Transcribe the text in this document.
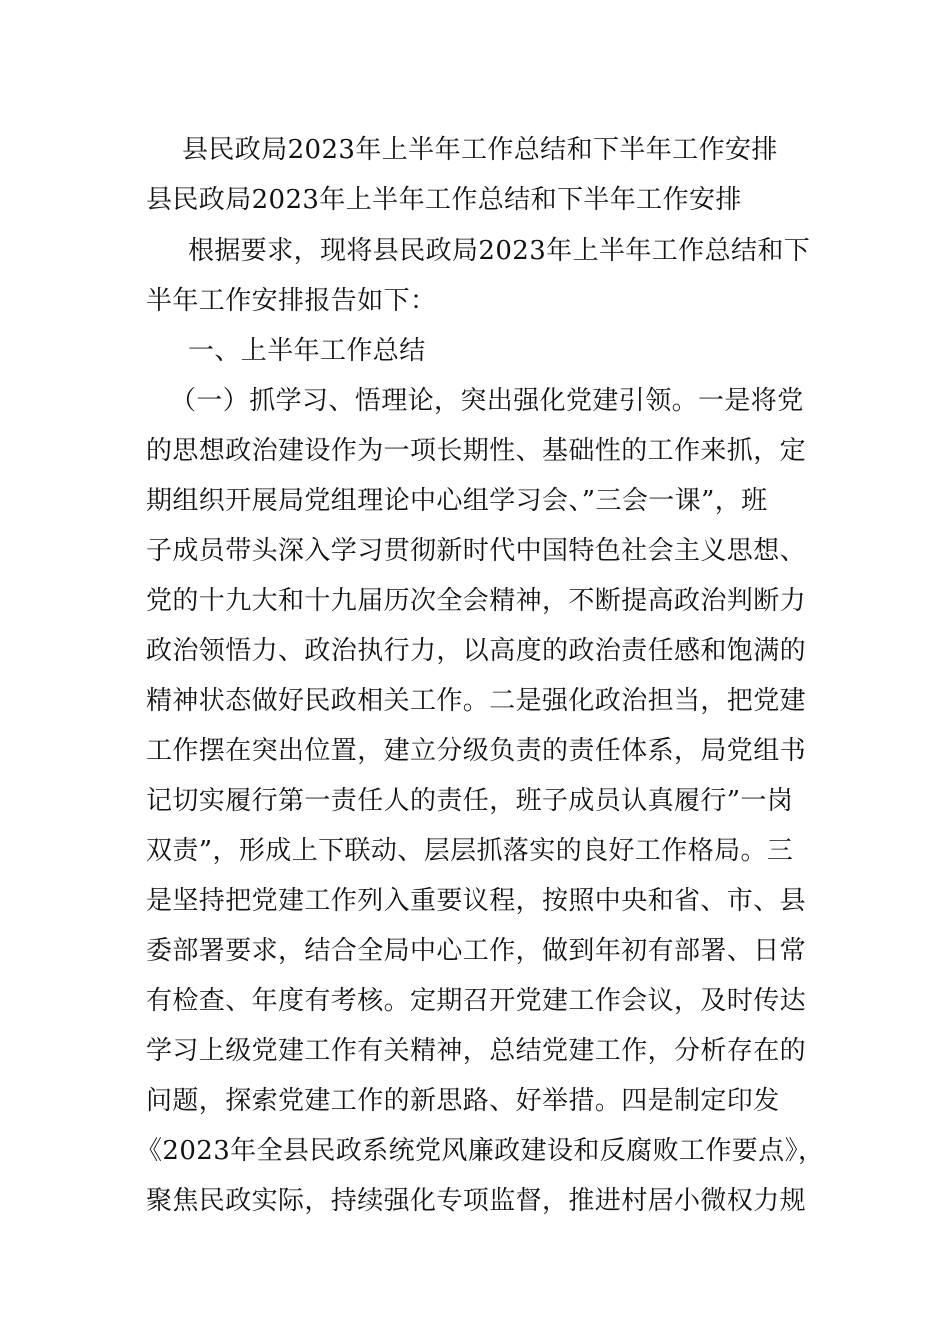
县民政局2023年上半年工作总结和下半年工作安排
县民政局2023年上半年工作总结和下半年工作安排
根据要求，现将县民政局2023年上半年工作总结和下
半年工作安排报告如下：
一、上半年工作总结
（一）抓学习、悟理论，突出强化党建引领。一是将党
的思想政治建设作为一项长期性、基础性的工作来抓，定
期组织开展局党组理论中心组学习会、”三会一课”，班
子成员带头深入学习贯彻新时代中国特色社会主义思想、
党的十九大和十九届历次全会精神，不断提高政治判断力
政治领悟力、政治执行力，以高度的政治责任感和饱满的
精神状态做好民政相关工作。二是强化政治担当，把党建
工作摆在突出位置，建立分级负责的责任体系，局党组书
记切实履行第一责任人的责任，班子成员认真履行”一岗
双责”，形成上下联动、层层抓落实的良好工作格局。三
是坚持把党建工作列入重要议程，按照中央和省、市、县
委部署要求，结合全局中心工作，做到年初有部署、日常
有检查、年度有考核。定期召开党建工作会议，及时传达
学习上级党建工作有关精神，总结党建工作，分析存在的
问题，探索党建工作的新思路、好举措。四是制定印发
《2023年全县民政系统党风廉政建设和反腐败工作要点》，
聚焦民政实际，持续强化专项监督，推进村居小微权力规
